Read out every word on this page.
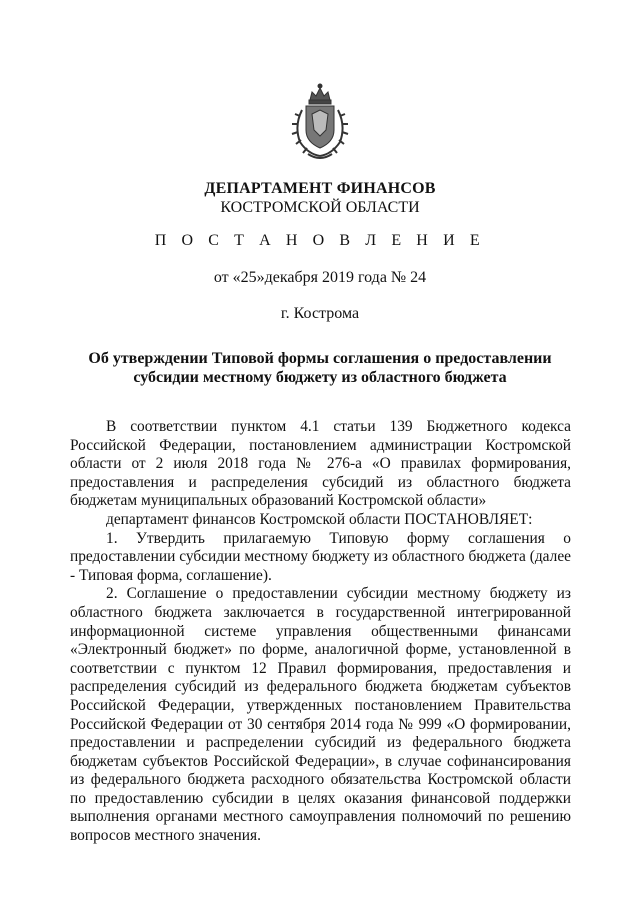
ДЕПАРТАМЕНТ ФИНАНСОВ
КОСТРОМСКОЙ ОБЛАСТИ
П О С Т А Н О В Л Е Н И Е
от «25»декабря 2019 года № 24
г. Кострома
Об утверждении Типовой формы соглашения о предоставлении субсидии местному бюджету из областного бюджета

В соответствии пунктом 4.1 статьи 139 Бюджетного кодекса Российской Федерации, постановлением администрации Костромской области от 2 июля 2018 года № 276-а «О правилах формирования, предоставления и распределения субсидий из областного бюджета бюджетам муниципальных образований Костромской области»

департамент финансов Костромской области ПОСТАНОВЛЯЕТ:

1. Утвердить прилагаемую Типовую форму соглашения о предоставлении субсидии местному бюджету из областного бюджета (далее - Типовая форма, соглашение).

2. Соглашение о предоставлении субсидии местному бюджету из областного бюджета заключается в государственной интегрированной информационной системе управления общественными финансами «Электронный бюджет» по форме, аналогичной форме, установленной в соответствии с пунктом 12 Правил формирования, предоставления и распределения субсидий из федерального бюджета бюджетам субъектов Российской Федерации, утвержденных постановлением Правительства Российской Федерации от 30 сентября 2014 года № 999 «О формировании, предоставлении и распределении субсидий из федерального бюджета бюджетам субъектов Российской Федерации», в случае софинансирования из федерального бюджета расходного обязательства Костромской области по предоставлению субсидии в целях оказания финансовой поддержки выполнения органами местного самоуправления полномочий по решению вопросов местного значения.
